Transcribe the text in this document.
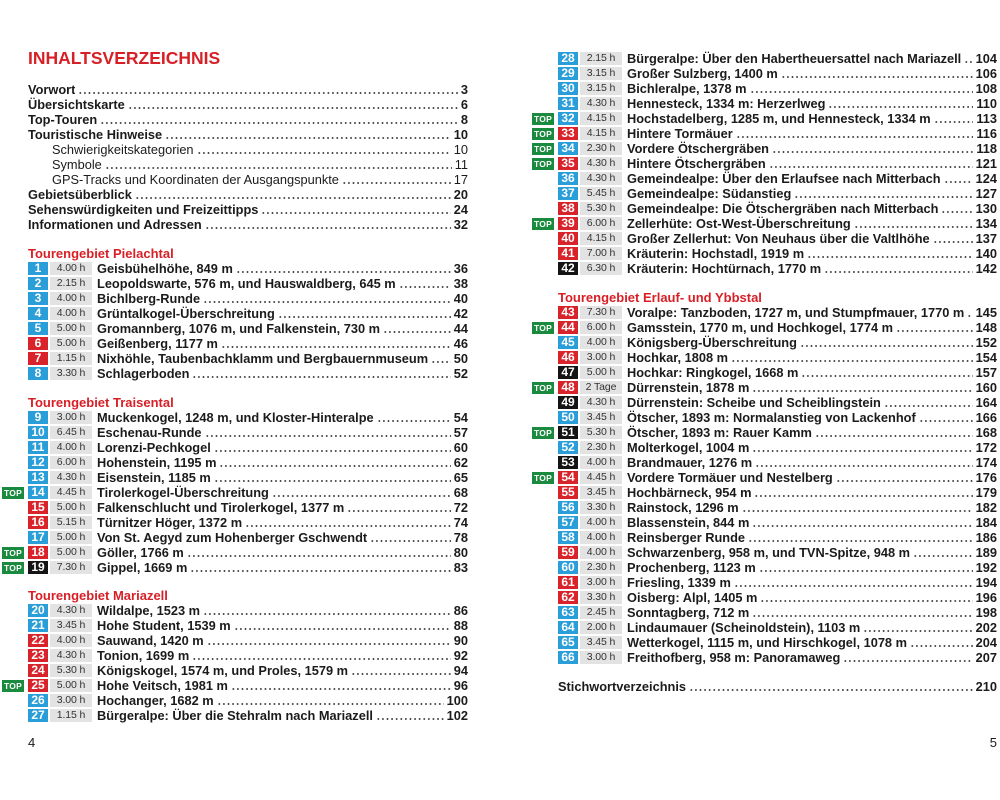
INHALTSVERZEICHNIS
Vorwort	3
Übersichtskarte	6
Top-Touren	8
Touristische Hinweise	10
Schwierigkeitskategorien	10
Symbole	11
GPS-Tracks und Koordinaten der Ausgangspunkte	17
Gebietsüberblick	20
Sehenswürdigkeiten und Freizeittipps	24
Informationen und Adressen	32
Tourengebiet Pielachtal
1	4.00 h Geisbühelhöhe, 849 m	36
2	2.15 h Leopoldswarte, 576 m, und Hauswaldberg, 645 m	38
3	4.00 h Bichlberg-Runde	40
4	4.00 h Grüntalkogel-Überschreitung	42
5	5.00 h Gromannberg, 1076 m, und Falkenstein, 730 m	44
6	5.00 h Geißenberg, 1177 m	46
7	1.15 h Nixhöhle, Taubenbachklamm und Bergbauernmuseum 50
8	3.30 h Schlagerboden	52
Tourengebiet Traisental
9	3.00 h Muckenkogel, 1248 m, und Kloster-Hinteralpe	54
10	6.45 h Eschenau-Runde	57
11	4.00 h Lorenzi-Pechkogel	60
12	6.00 h Hohenstein, 1195 m	62
13	4.30 h Eisenstein, 1185 m	65
TOP 14	4.45 h Tirolerkogel-Überschreitung	68
15	5.00 h Falkenschlucht und Tirolerkogel, 1377 m	72
16	5.15 h Türnitzer Höger, 1372 m	74
17	5.00 h Von St. Aegyd zum Hohenberger Gschwendt	78
TOP 18	5.00 h Göller, 1766 m	80
TOP 19	7.30 h Gippel, 1669 m	83
Tourengebiet Mariazell
20	4.30 h Wildalpe, 1523 m	86
21	3.45 h Hohe Student, 1539 m	88
22	4.00 h Sauwand, 1420 m	90
23	4.30 h Tonion, 1699 m	92
24	5.30 h Königskogel, 1574 m, und Proles, 1579 m	94
TOP 25	5.00 h Hohe Veitsch, 1981 m	96
26	3.00 h Hochanger, 1682 m	100
27	1.15 h Bürgeralpe: Über die Stehralm nach Mariazell	102
4
28	2.15 h Bürgeralpe: Über den Habertheuersattel nach Mariazell 104
29	3.15 h Großer Sulzberg, 1400 m	106
30	3.15 h Bichleralpe, 1378 m	108
31	4.30 h Hennesteck, 1334 m: Herzerlweg	110
TOP 32	4.15 h Hochstadelberg, 1285 m, und Hennesteck, 1334 m	113
TOP 33	4.15 h Hintere Tormäuer	116
TOP 34	2.30 h Vordere Ötschergräben	118
TOP 35	4.30 h Hintere Ötschergräben	121
36	4.30 h Gemeindealpe: Über den Erlaufsee nach Mitterbach	124
37	5.45 h Gemeindealpe: Südanstieg	127
38	5.30 h Gemeindealpe: Die Ötschergräben nach Mitterbach	130
TOP 39	6.00 h Zellerhüte: Ost-West-Überschreitung	134
40	4.15 h Großer Zellerhut: Von Neuhaus über die Valtlhöhe	137
41	7.00 h Kräuterin: Hochstadl, 1919 m	140
42	6.30 h Kräuterin: Hochtürnach, 1770 m	142
Tourengebiet Erlauf- und Ybbstal
43	7.30 h Voralpe: Tanzboden, 1727 m, und Stumpfmauer, 1770 m 145
TOP 44	6.00 h Gamsstein, 1770 m, und Hochkogel, 1774 m	148
45	4.00 h Königsberg-Überschreitung	152
46	3.00 h Hochkar, 1808 m	154
47	5.00 h Hochkar: Ringkogel, 1668 m	157
TOP 48	2 Tage Dürrenstein, 1878 m	160
49	4.30 h Dürrenstein: Scheibe und Scheiblingstein	164
50	3.45 h Ötscher, 1893 m: Normalanstieg von Lackenhof	166
TOP 51	5.30 h Ötscher, 1893 m: Rauer Kamm	168
52	2.30 h Molterkogel, 1004 m	172
53	4.00 h Brandmauer, 1276 m	174
TOP 54	4.45 h Vordere Tormäuer und Nestelberg	176
55	3.45 h Hochbärneck, 954 m	179
56	3.30 h Rainstock, 1296 m	182
57	4.00 h Blassenstein, 844 m	184
58	4.00 h Reinsberger Runde	186
59	4.00 h Schwarzenberg, 958 m, und TVN-Spitze, 948 m	189
60	2.30 h Prochenberg, 1123 m	192
61	3.00 h Friesling, 1339 m	194
62	3.30 h Oisberg: Alpl, 1405 m	196
63	2.45 h Sonntagberg, 712 m	198
64	2.00 h Lindaumauer (Scheinoldstein), 1103 m	202
65	3.45 h Wetterkogel, 1115 m, und Hirschkogel, 1078 m	204
66	3.00 h Freithofberg, 958 m: Panoramaweg	207
Stichwortverzeichnis	210
5
